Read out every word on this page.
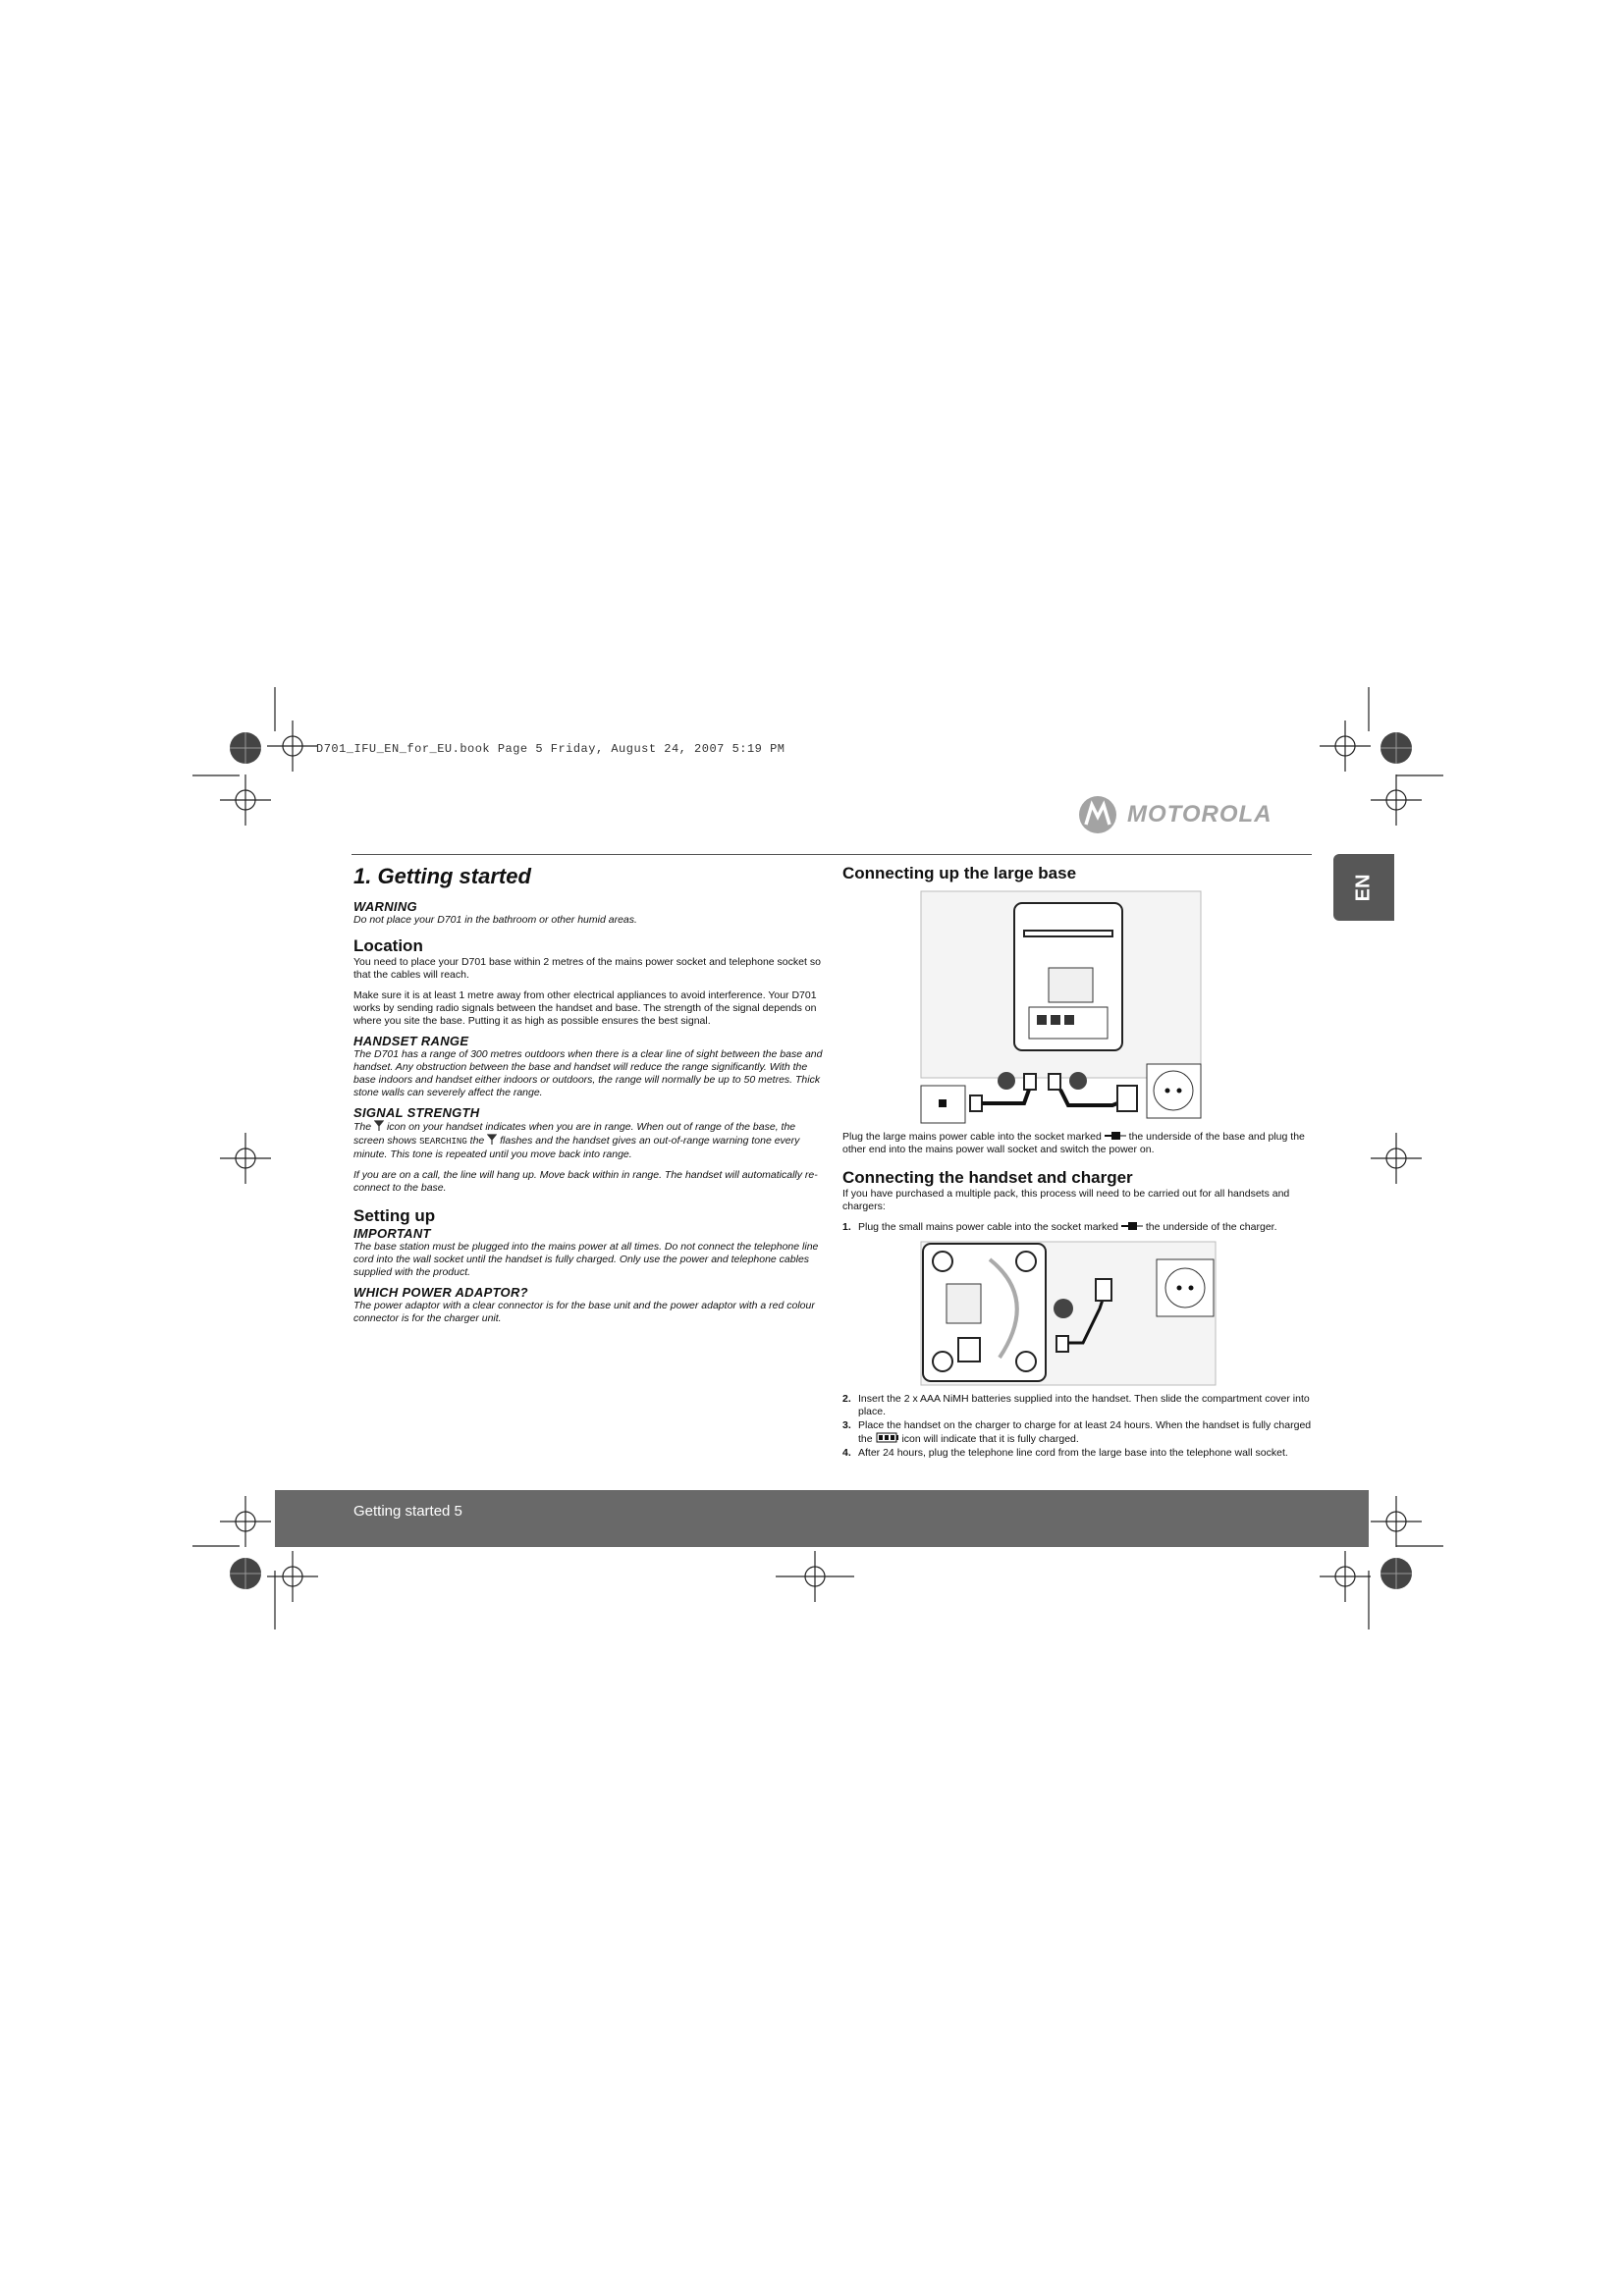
D701_IFU_EN_for_EU.book Page 5 Friday, August 24, 2007 5:19 PM
MOTOROLA
EN
1. Getting started
WARNING

Do not place your D701 in the bathroom or other humid areas.

Location

You need to place your D701 base within 2 metres of the mains power socket and telephone socket so that the cables will reach.

Make sure it is at least 1 metre away from other electrical appliances to avoid interference. Your D701 works by sending radio signals between the handset and base. The strength of the signal depends on where you site the base. Putting it as high as possible ensures the best signal.

HANDSET RANGE

The D701 has a range of 300 metres outdoors when there is a clear line of sight between the base and handset. Any obstruction between the base and handset will reduce the range significantly. With the base indoors and handset either indoors or outdoors, the range will normally be up to 50 metres. Thick stone walls can severely affect the range.

SIGNAL STRENGTH

The icon on your handset indicates when you are in range. When out of range of the base, the screen shows SEARCHING the flashes and the handset gives an out-of-range warning tone every minute. This tone is repeated until you move back into range.

If you are on a call, the line will hang up. Move back within in range. The handset will automatically re-connect to the base.

Setting up
IMPORTANT

The base station must be plugged into the mains power at all times. Do not connect the telephone line cord into the wall socket until the handset is fully charged. Only use the power and telephone cables supplied with the product.

WHICH POWER ADAPTOR?

The power adaptor with a clear connector is for the base unit and the power adaptor with a red colour connector is for the charger unit.

Connecting up the large base

Plug the large mains power cable into the socket marked	the underside of the base and plug the other end into the mains power wall socket and switch the power on.

Connecting the handset and charger

If you have purchased a multiple pack, this process will need to be carried out for all handsets and chargers:

1. Plug the small mains power cable into the socket marked	the underside of the charger.
2. Insert the 2 x AAA NiMH batteries supplied into the handset. Then slide the compartment cover into place.
3. Place the handset on the charger to charge for at least 24 hours. When the handset is fully charged the	icon will indicate that it is fully charged.
4. After 24 hours, plug the telephone line cord from the large base into the telephone wall socket.
Getting started 5
